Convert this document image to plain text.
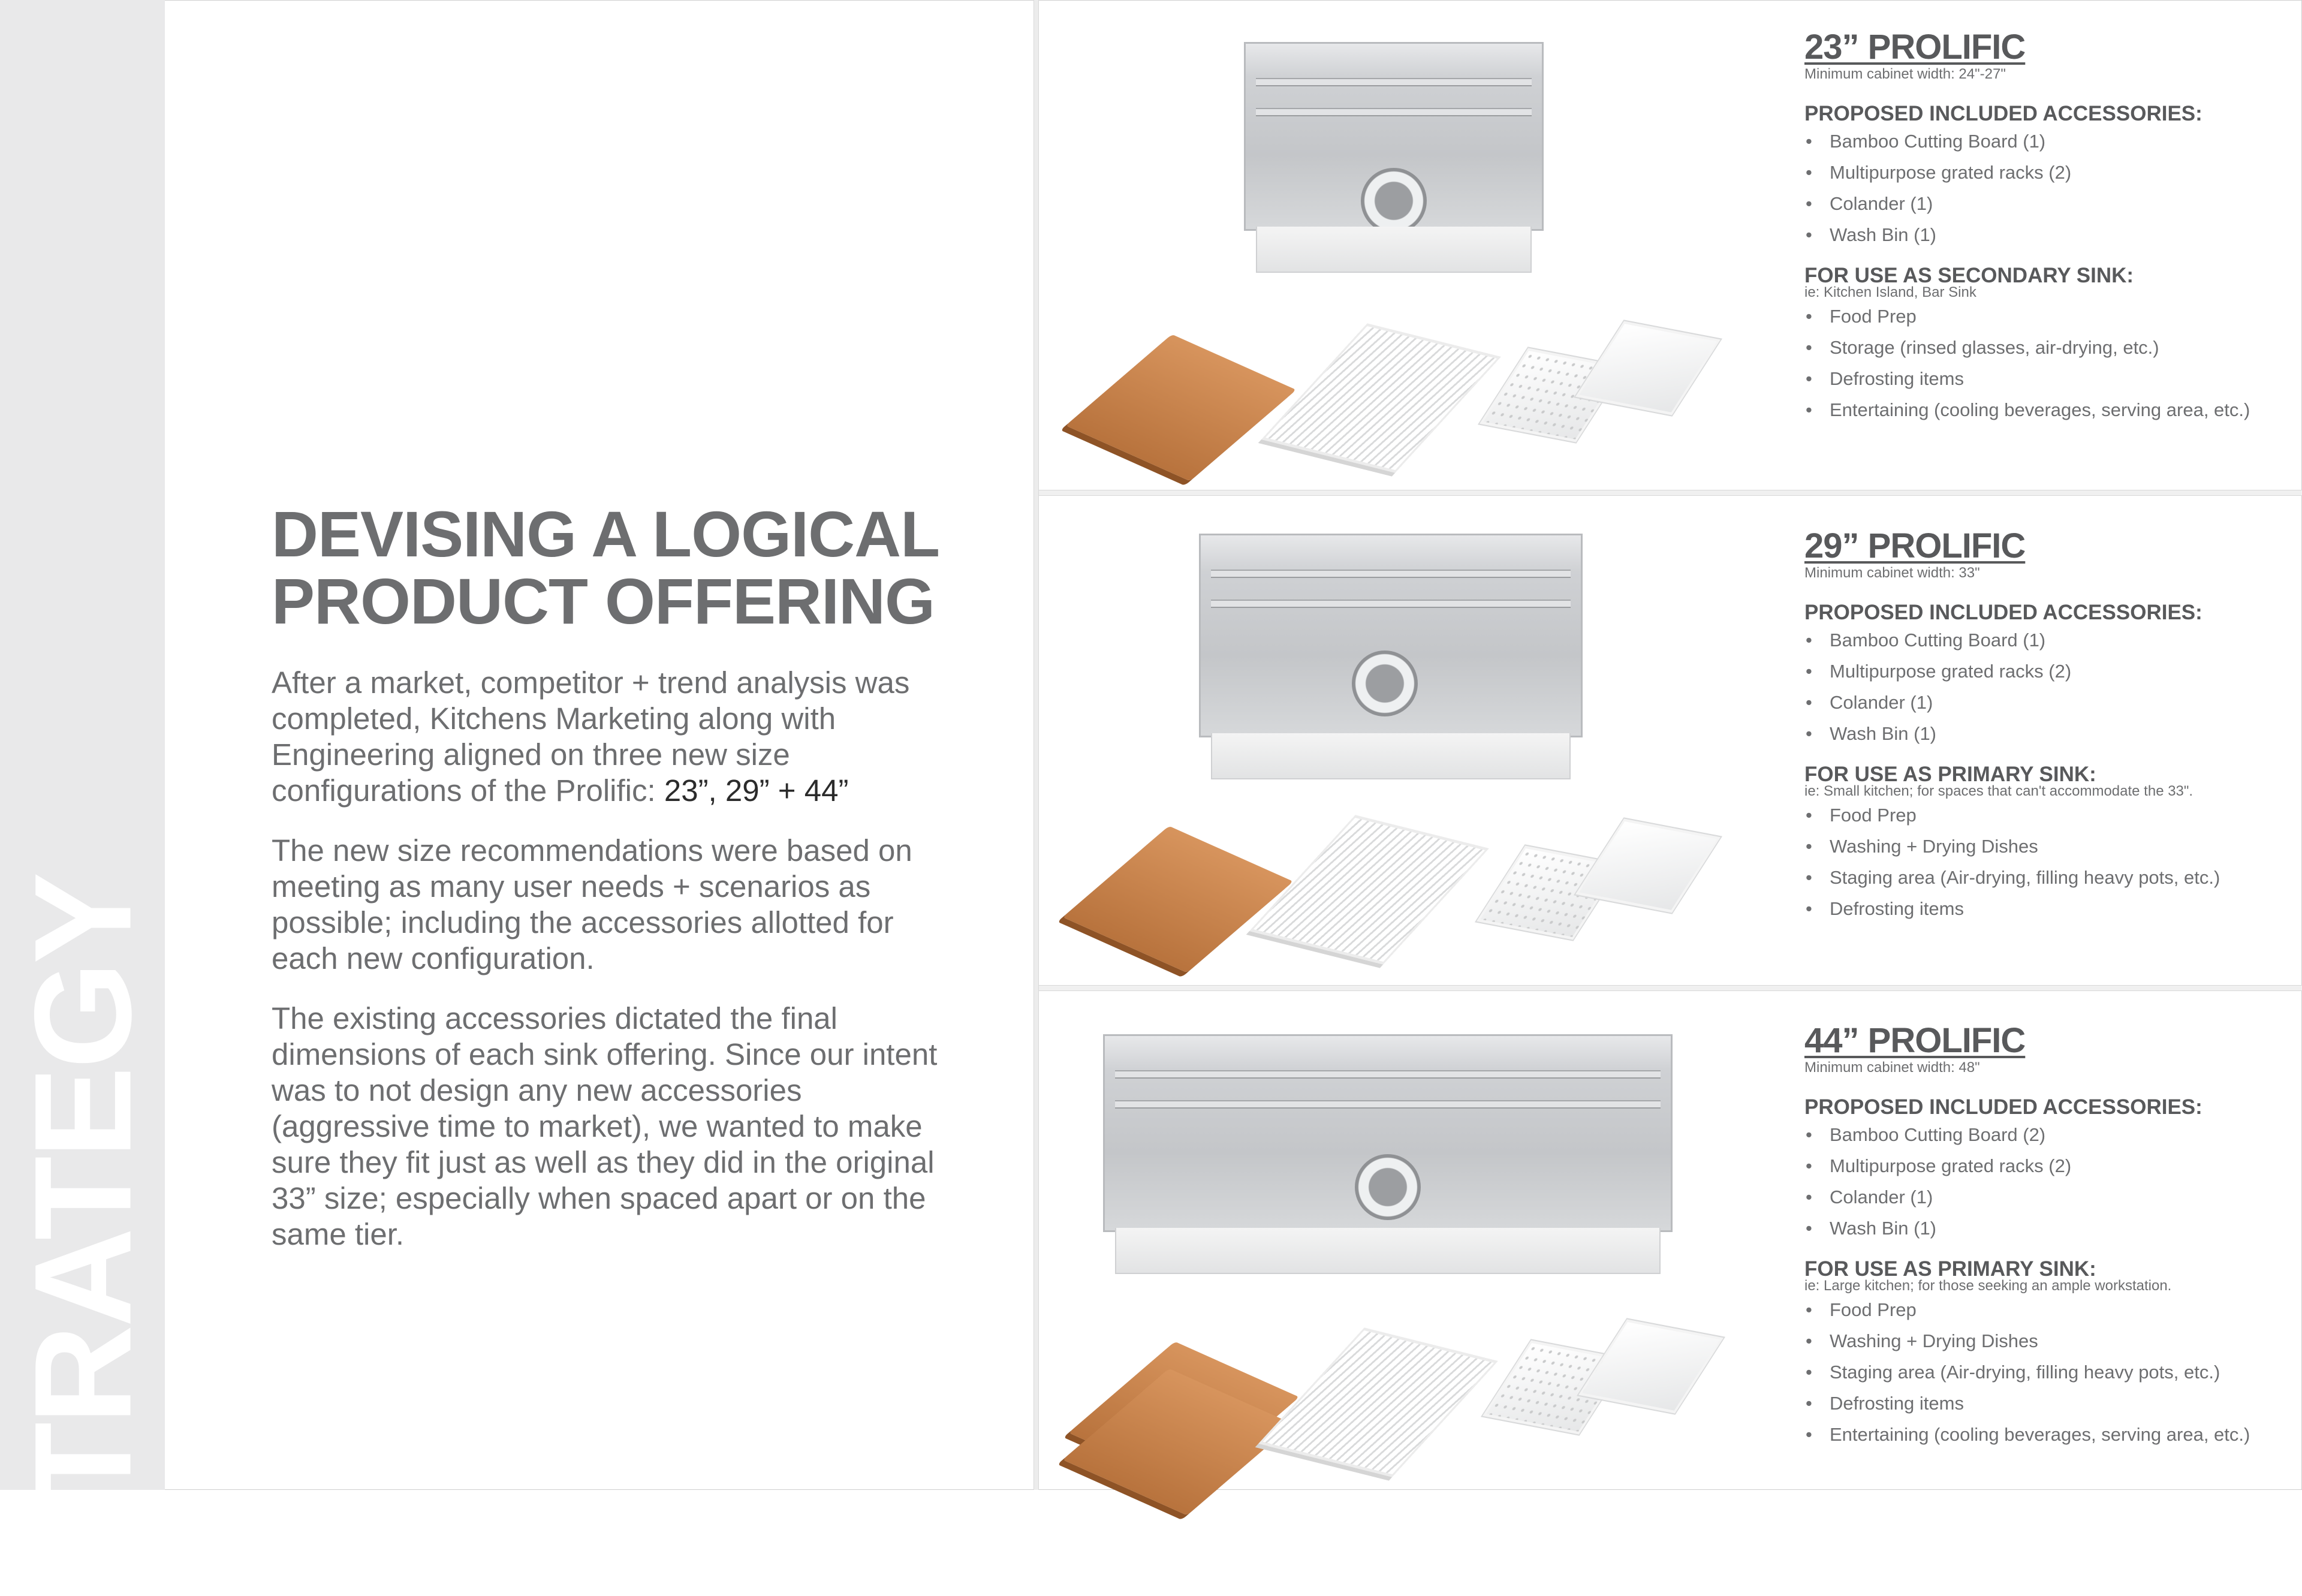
STRATEGY
DEVISING A LOGICAL
PRODUCT OFFERING

After a market, competitor + trend analysis was completed, Kitchens Marketing along with Engineering aligned on three new size configurations of the Prolific: 23”, 29” + 44”

The new size recommendations were based on meeting as many user needs + scenarios as possible; including the accessories allotted for each new configuration.

The existing accessories dictated the final dimensions of each sink offering. Since our intent was to not design any new accessories (aggressive time to market), we wanted to make sure they fit just as well as they did in the original 33” size; especially when spaced apart or on the same tier.

23” PROLIFIC

Minimum cabinet width: 24"-27"

PROPOSED INCLUDED ACCESSORIES:
• Bamboo Cutting Board (1)
• Multipurpose grated racks (2)
• Colander (1)
• Wash Bin (1)
FOR USE AS SECONDARY SINK:

ie: Kitchen Island, Bar Sink

• Food Prep
• Storage (rinsed glasses, air-drying, etc.)
• Defrosting items
• Entertaining (cooling beverages, serving area, etc.)
29” PROLIFIC

Minimum cabinet width: 33"

PROPOSED INCLUDED ACCESSORIES:
• Bamboo Cutting Board (1)
• Multipurpose grated racks (2)
• Colander (1)
• Wash Bin (1)
FOR USE AS PRIMARY SINK:

ie: Small kitchen; for spaces that can't accommodate the 33".

• Food Prep
• Washing + Drying Dishes
• Staging area (Air-drying, filling heavy pots, etc.)
• Defrosting items
44” PROLIFIC

Minimum cabinet width: 48"

PROPOSED INCLUDED ACCESSORIES:
• Bamboo Cutting Board (2)
• Multipurpose grated racks (2)
• Colander (1)
• Wash Bin (1)
FOR USE AS PRIMARY SINK:

ie: Large kitchen; for those seeking an ample workstation.

• Food Prep
• Washing + Drying Dishes
• Staging area (Air-drying, filling heavy pots, etc.)
• Defrosting items
• Entertaining (cooling beverages, serving area, etc.)
